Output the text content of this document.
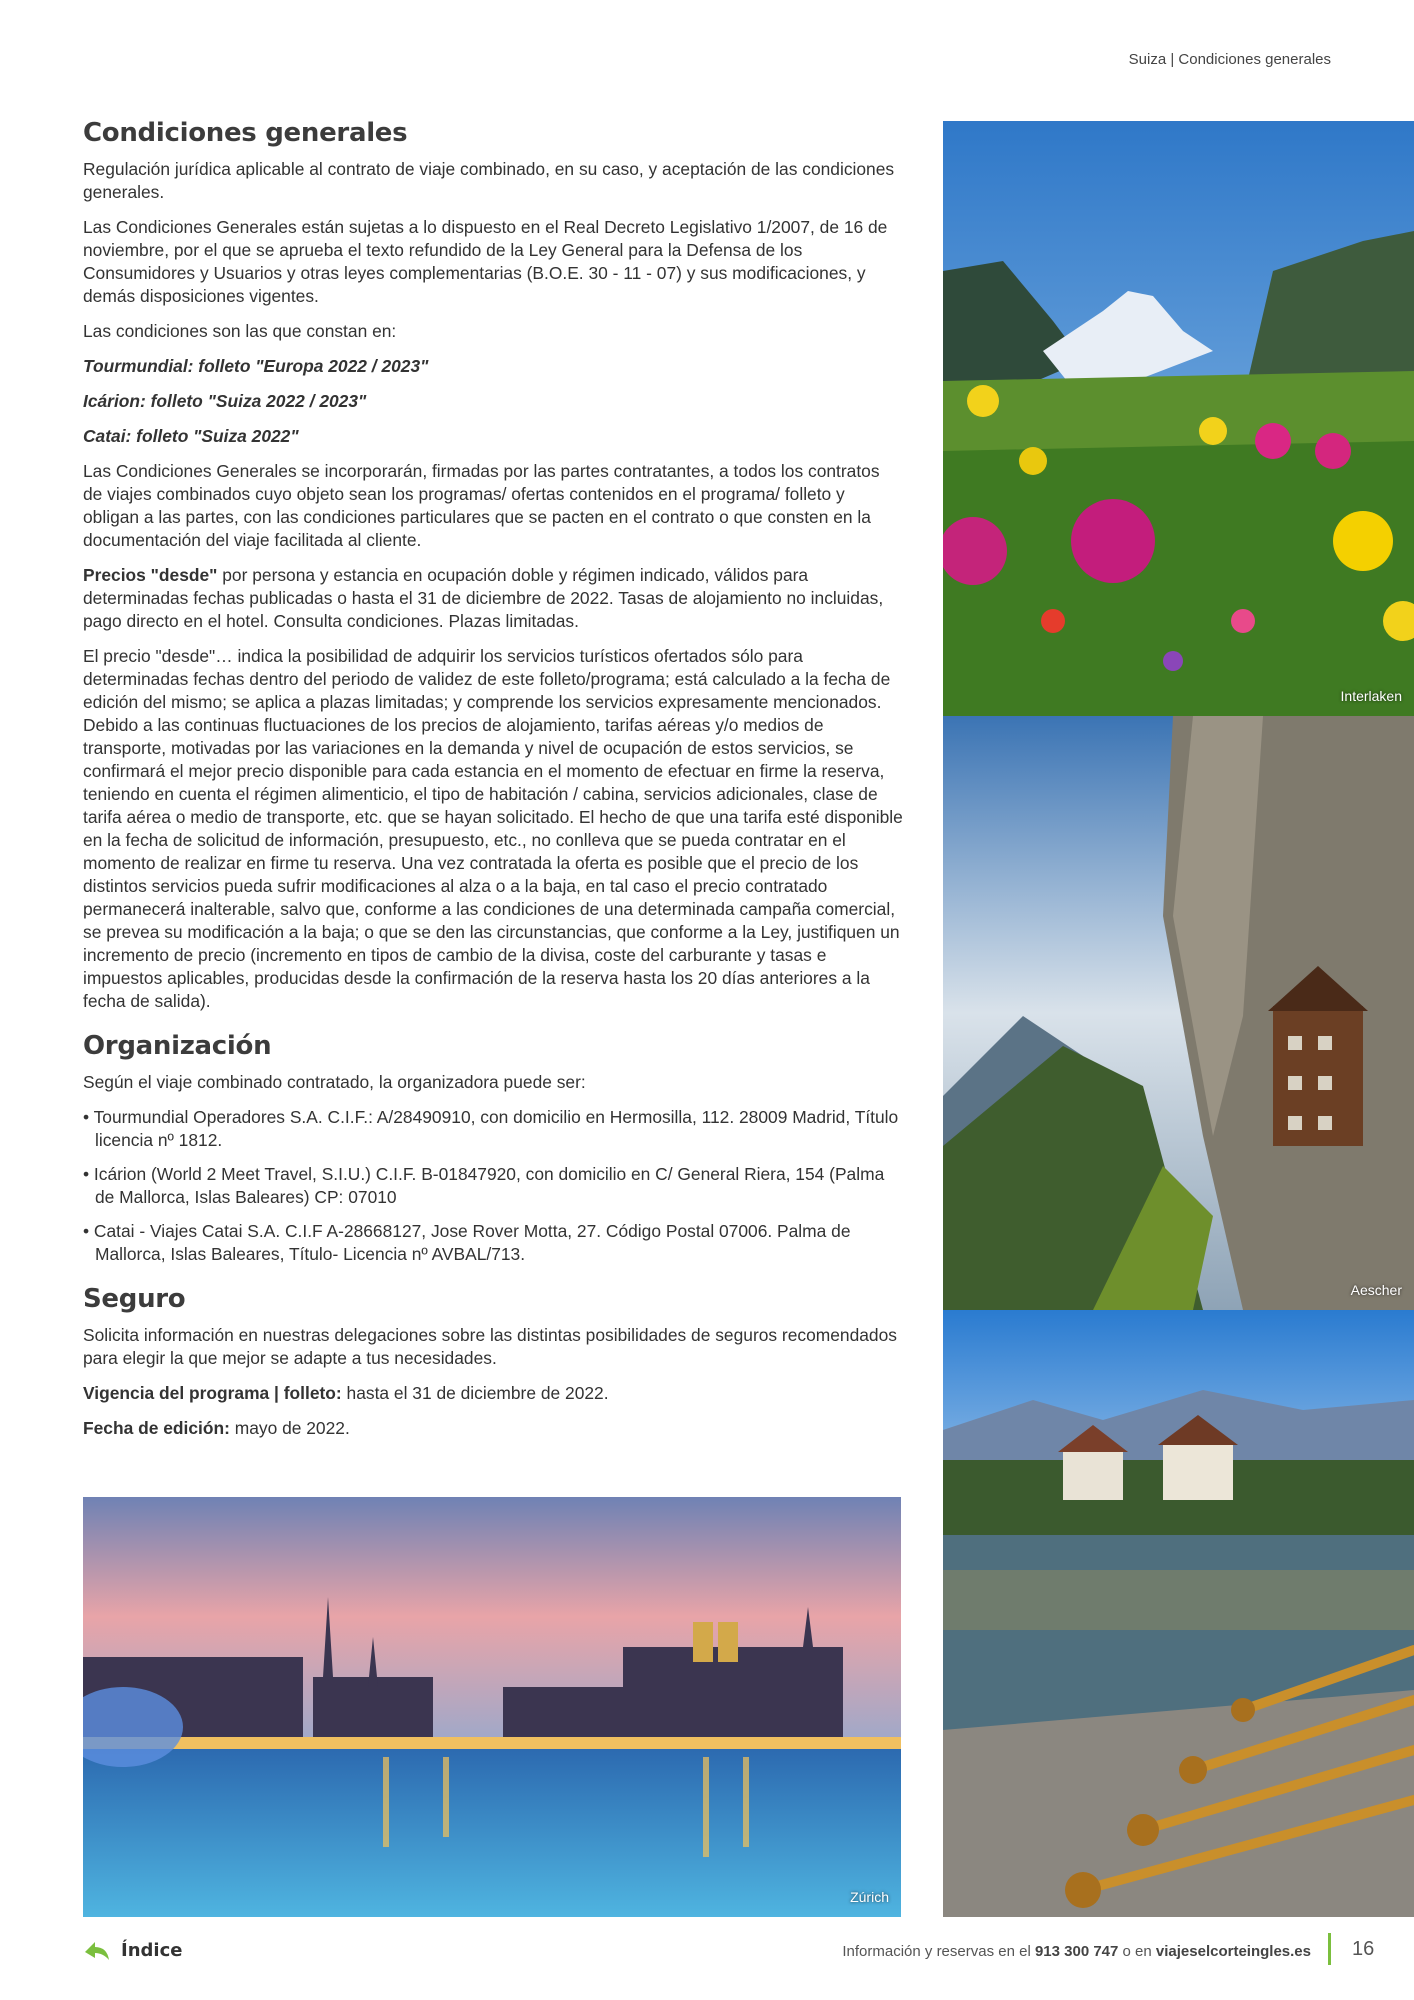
Suiza | Condiciones generales
Condiciones generales

Regulación jurídica aplicable al contrato de viaje combinado, en su caso, y aceptación de las condiciones generales.

Las Condiciones Generales están sujetas a lo dispuesto en el Real Decreto Legislativo 1/2007, de 16 de noviembre, por el que se aprueba el texto refundido de la Ley General para la Defensa de los Consumidores y Usuarios y otras leyes complementarias (B.O.E. 30 - 11 - 07) y sus modificaciones, y demás disposiciones vigentes.

Las condiciones son las que constan en:

Tourmundial: folleto "Europa 2022 / 2023"

Icárion: folleto "Suiza 2022 / 2023"

Catai: folleto "Suiza 2022"

Las Condiciones Generales se incorporarán, firmadas por las partes contratantes, a todos los contratos de viajes combinados cuyo objeto sean los programas/ ofertas contenidos en el programa/ folleto y obligan a las partes, con las condiciones particulares que se pacten en el contrato o que consten en la documentación del viaje facilitada al cliente.

Precios "desde" por persona y estancia en ocupación doble y régimen indicado, válidos para determinadas fechas publicadas o hasta el 31 de diciembre de 2022. Tasas de alojamiento no incluidas, pago directo en el hotel. Consulta condiciones. Plazas limitadas.

El precio "desde"… indica la posibilidad de adquirir los servicios turísticos ofertados sólo para determinadas fechas dentro del periodo de validez de este folleto/programa; está calculado a la fecha de edición del mismo; se aplica a plazas limitadas; y comprende los servicios expresamente mencionados. Debido a las continuas fluctuaciones de los precios de alojamiento, tarifas aéreas y/o medios de transporte, motivadas por las variaciones en la demanda y nivel de ocupación de estos servicios, se confirmará el mejor precio disponible para cada estancia en el momento de efectuar en firme la reserva, teniendo en cuenta el régimen alimenticio, el tipo de habitación / cabina, servicios adicionales, clase de tarifa aérea o medio de transporte, etc. que se hayan solicitado. El hecho de que una tarifa esté disponible en la fecha de solicitud de información, presupuesto, etc., no conlleva que se pueda contratar en el momento de realizar en firme tu reserva. Una vez contratada la oferta es posible que el precio de los distintos servicios pueda sufrir modificaciones al alza o a la baja, en tal caso el precio contratado permanecerá inalterable, salvo que, conforme a las condiciones de una determinada campaña comercial, se prevea su modificación a la baja; o que se den las circunstancias, que conforme a la Ley, justifiquen un incremento de precio (incremento en tipos de cambio de la divisa, coste del carburante y tasas e impuestos aplicables, producidas desde la confirmación de la reserva hasta los 20 días anteriores a la fecha de salida).

Organización

Según el viaje combinado contratado, la organizadora puede ser:

• Tourmundial Operadores S.A. C.I.F.: A/28490910, con domicilio en Hermosilla, 112. 28009 Madrid, Título licencia nº 1812.
• Icárion (World 2 Meet Travel, S.I.U.) C.I.F. B-01847920, con domicilio en C/ General Riera, 154 (Palma de Mallorca, Islas Baleares) CP: 07010
• Catai - Viajes Catai S.A. C.I.F A-28668127, Jose Rover Motta, 27. Código Postal 07006. Palma de Mallorca, Islas Baleares, Título- Licencia nº AVBAL/713.
Seguro

Solicita información en nuestras delegaciones sobre las distintas posibilidades de seguros recomendados para elegir la que mejor se adapte a tus necesidades.

Vigencia del programa | folleto: hasta el 31 de diciembre de 2022.

Fecha de edición: mayo de 2022.

Interlaken
Aescher
Zúrich
Índice	Información y reservas en el 913 300 747 o en viajeselcorteingles.es 16
